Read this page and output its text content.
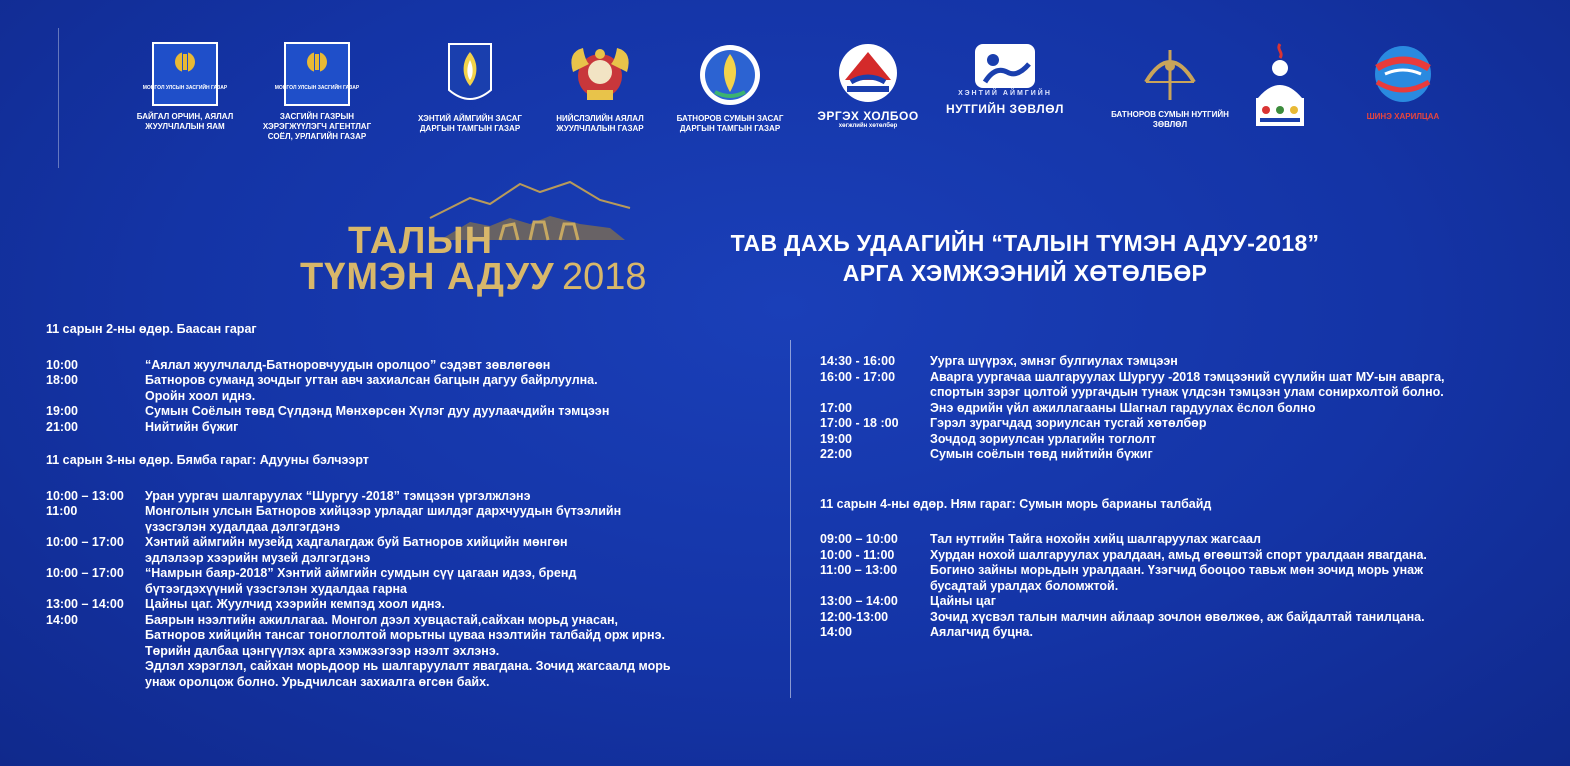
МОНГОЛ УЛСЫН ЗАСГИЙН ГАЗАР
БАЙГАЛ ОРЧИН, АЯЛАЛ ЖУУЛЧЛАЛЫН ЯАМ
МОНГОЛ УЛСЫН ЗАСГИЙН ГАЗАР
ЗАСГИЙН ГАЗРЫН ХЭРЭГЖҮҮЛЭГЧ АГЕНТЛАГ СОЁЛ, УРЛАГИЙН ГАЗАР
ХЭНТИЙ АЙМГИЙН ЗАСАГ ДАРГЫН ТАМГЫН ГАЗАР
НИЙСЛЭЛИЙН АЯЛАЛ ЖУУЛЧЛАЛЫН ГАЗАР
БАТНОРОВ СУМЫН ЗАСАГ ДАРГЫН ТАМГЫН ГАЗАР
ЭРГЭХ ХОЛБОО
хөгжлийн хөтөлбөр
ХЭНТИЙ АЙМГИЙН
НУТГИЙН ЗӨВЛӨЛ	БАТНОРОВ СУМЫН НУТГИЙН ЗӨВЛӨЛ
ШИНЭ ХАРИЛЦАА
ТАЛЫН
ТҮМЭН АДУУ 2018
ТАВ ДАХЬ УДААГИЙН “ТАЛЫН ТҮМЭН АДУУ-2018”
АРГА ХЭМЖЭЭНИЙ ХӨТӨЛБӨР
11 сарын 2-ны өдөр. Баасан гараг
10:00	“Аялал жуулчлалд-Батноровчуудын оролцоо” сэдэвт зөвлөгөөн
18:00	Батноров суманд зочдыг угтан авч захиалсан багцын дагуу байрлуулна.
Оройн хоол иднэ.
19:00	Сумын Соёлын төвд Сүлдэнд Мөнхөрсөн Хүлэг дуу дуулаачдийн тэмцээн
21:00	Нийтийн бүжиг
11 сарын 3-ны өдөр. Бямба гараг: Адууны бэлчээрт
10:00 – 13:00	Уран уургач шалгаруулах “Шургуу -2018” тэмцээн үргэлжлэнэ
11:00	Монголын улсын Батноров хийцээр урладаг шилдэг дархчуудын бүтээлийн
үзэсгэлэн худалдаа дэлгэгдэнэ
10:00 – 17:00	Хэнтий аймгийн музейд хадгалагдаж буй Батноров хийцийн мөнгөн
эдлэлээр хээрийн музей дэлгэгдэнэ
10:00 – 17:00	“Намрын баяр-2018” Хэнтий аймгийн сумдын сүү цагаан идээ, бренд
бүтээгдэхүүний үзэсгэлэн худалдаа гарна
13:00 – 14:00	Цайны цаг. Жуулчид хээрийн кемпэд хоол иднэ.
14:00	Баярын нээлтийн ажиллагаа. Монгол дээл хувцастай,сайхан морьд унасан,
Батноров хийцийн тансаг тоноглолтой морьтны цуваа нээлтийн талбайд орж ирнэ.
Төрийн далбаа цэнгүүлэх арга хэмжээгээр нээлт эхлэнэ.
Эдлэл хэрэглэл, сайхан морьдоор нь шалгаруулалт явагдана. Зочид жагсаалд морь
унаж оролцож болно. Урьдчилсан захиалга өгсөн байх.
14:30 - 16:00	Уурга шүүрэх, эмнэг булгиулах тэмцээн
16:00 - 17:00	Аварга уургачаа шалгаруулах Шургуу -2018 тэмцээний сүүлийн шат МУ-ын аварга,
спортын зэрэг цолтой уургачдын тунаж үлдсэн тэмцээн улам сонирхолтой болно.
17:00	Энэ өдрийн үйл ажиллагааны Шагнал гардуулах ёслол болно
17:00 - 18 :00	Гэрэл зурагчдад зориулсан тусгай хөтөлбөр
19:00	Зочдод зориулсан урлагийн тоглолт
22:00	Сумын соёлын төвд нийтийн бүжиг
11 сарын 4-ны өдөр. Ням гараг: Сумын морь барианы талбайд
09:00 – 10:00	Тал нутгийн Тайга нохойн хийц шалгаруулах жагсаал
10:00 - 11:00	Хурдан нохой шалгаруулах уралдаан, амьд өгөөштэй спорт уралдаан явагдана.
11:00 – 13:00	Богино зайны морьдын уралдаан. Үзэгчид бооцоо тавьж мөн зочид морь унаж
бусадтай уралдах боломжтой.
13:00 – 14:00	Цайны цаг
12:00-13:00	Зочид хүсвэл талын малчин айлаар зочлон өвөлжөө, аж байдалтай танилцана.
14:00	Аялагчид буцна.
